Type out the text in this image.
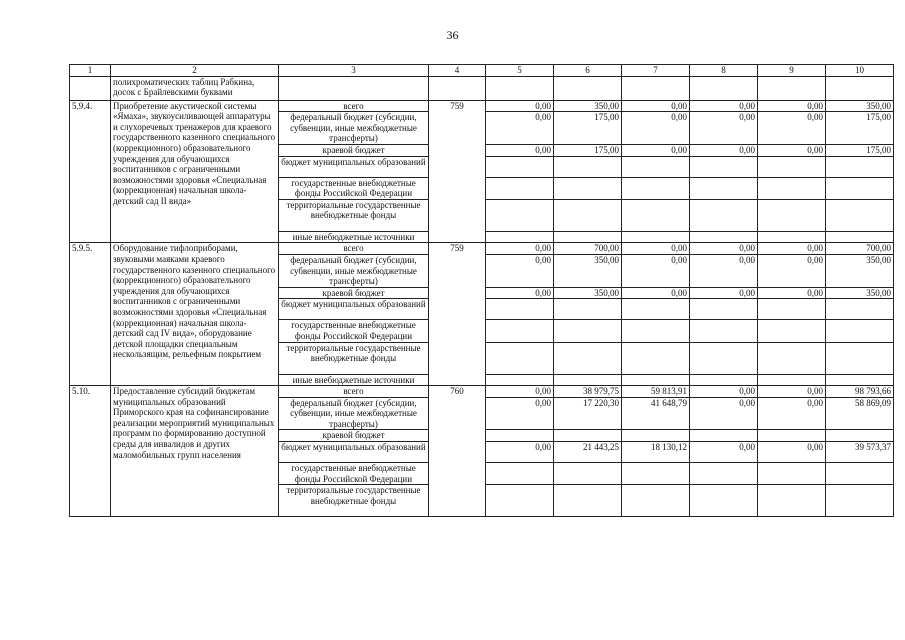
36
1	2	3	4	5	6	7	8	9	10
	полихроматических таблиц Рабкина, досок с Брайлевскими буквами								
5.9.4.	Приобретение акустической системы «Ямаха», звукоусиливающей аппаратуры и слухоречевых тренажеров для краевого государственного казенного специального (коррекционного) образовательного учреждения для обучающихся воспитанников с ограниченными возможностями здоровья «Специальная (коррекционная) начальная школа-детский сад II вида»	всего	759	0,00	350,00	0,00	0,00	0,00	350,00
		федеральный бюджет (субсидии, субвенции, иные межбюджетные трансферты)		0,00	175,00	0,00	0,00	0,00	175,00
		краевой бюджет		0,00	175,00	0,00	0,00	0,00	175,00
		бюджет муниципальных образований							
		государственные внебюджетные фонды Российской Федерации							
		территориальные государственные внебюджетные фонды							
		иные внебюджетные источники							
5.9.5.	Оборудование тифлоприборами, звуковыми маяками краевого государственного казенного специального (коррекционного) образовательного учреждения для обучающихся воспитанников с ограниченными возможностями здоровья «Специальная (коррекционная) начальная школа-детский сад IV вида», оборудование детской площадки специальным нескользящим, рельефным покрытием	всего	759	0,00	700,00	0,00	0,00	0,00	700,00
		федеральный бюджет (субсидии, субвенции, иные межбюджетные трансферты)		0,00	350,00	0,00	0,00	0,00	350,00
		краевой бюджет		0,00	350,00	0,00	0,00	0,00	350,00
		бюджет муниципальных образований							
		государственные внебюджетные фонды Российской Федерации							
		территориальные государственные внебюджетные фонды							
		иные внебюджетные источники							
5.10.	Предоставление субсидий бюджетам муниципальных образований Приморского края на софинансирование реализации мероприятий муниципальных программ по формированию доступной среды для инвалидов и других маломобильных групп населения	всего	760	0,00	38 979,75	59 813,91	0,00	0,00	98 793,66
		федеральный бюджет (субсидии, субвенции, иные межбюджетные трансферты)		0,00	17 220,30	41 648,79	0,00	0,00	58 869,09
		краевой бюджет							
		бюджет муниципальных образований		0,00	21 443,25	18 130,12	0,00	0,00	39 573,37
		государственные внебюджетные фонды Российской Федерации							
		территориальные государственные внебюджетные фонды							
